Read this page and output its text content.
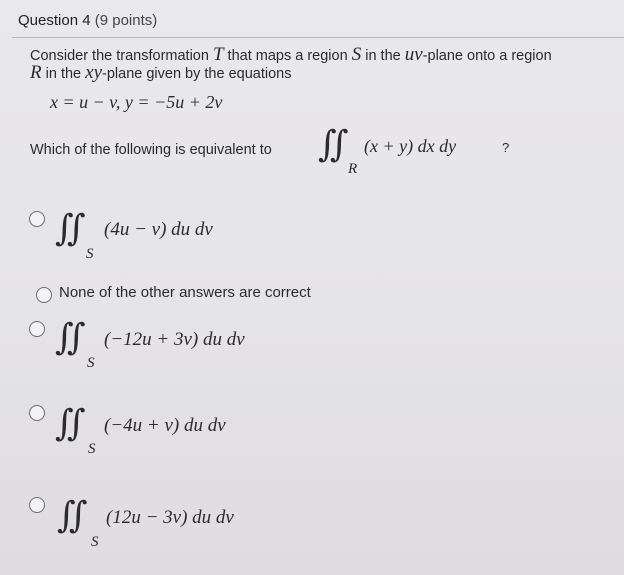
Question 4 (9 points)
Consider the transformation T that maps a region S in the uv-plane onto a region
R in the xy-plane given by the equations
x = u − v, y = −5u + 2v
Which of the following is equivalent to ∬
R
(x + y) dx dy	?
∬
S
(4u − v) du dv
None of the other answers are correct
∬
S
(−12u + 3v) du dv
∬
S
(−4u + v) du dv
∬
S
(12u − 3v) du dv
